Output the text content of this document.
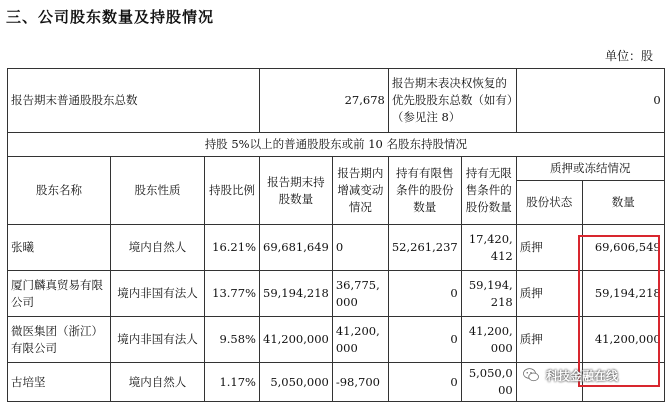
三、公司股东数量及持股情况
单位：股
报告期末普通股股东总数			27,678		报告期末表决权恢复的优先股股东总数（如有）（参见注 8）		0	
持股 5%以上的普通股股东或前 10 名股东持股情况								
股东名称	股东性质	持股比例	报告期末持股数量	报告期内增减变动情况	持有有限售条件的股份数量	持有无限售条件的股份数量	质押或冻结情况	
							股份状态	数量
张曦	境内自然人	16.21%	69,681,649	0	52,261,237	17,420,412	质押	69,606,549
厦门麟真贸易有限公司	境内非国有法人	13.77%	59,194,218	36,775,000	0	59,194,218	质押	59,194,218
微医集团（浙江）有限公司	境内非国有法人	9.58%	41,200,000	41,200,000	0	41,200,000	质押	41,200,000
古培坚	境内自然人	1.17%	5,050,000	-98,700	0	5,050,000		
科技金融在线
